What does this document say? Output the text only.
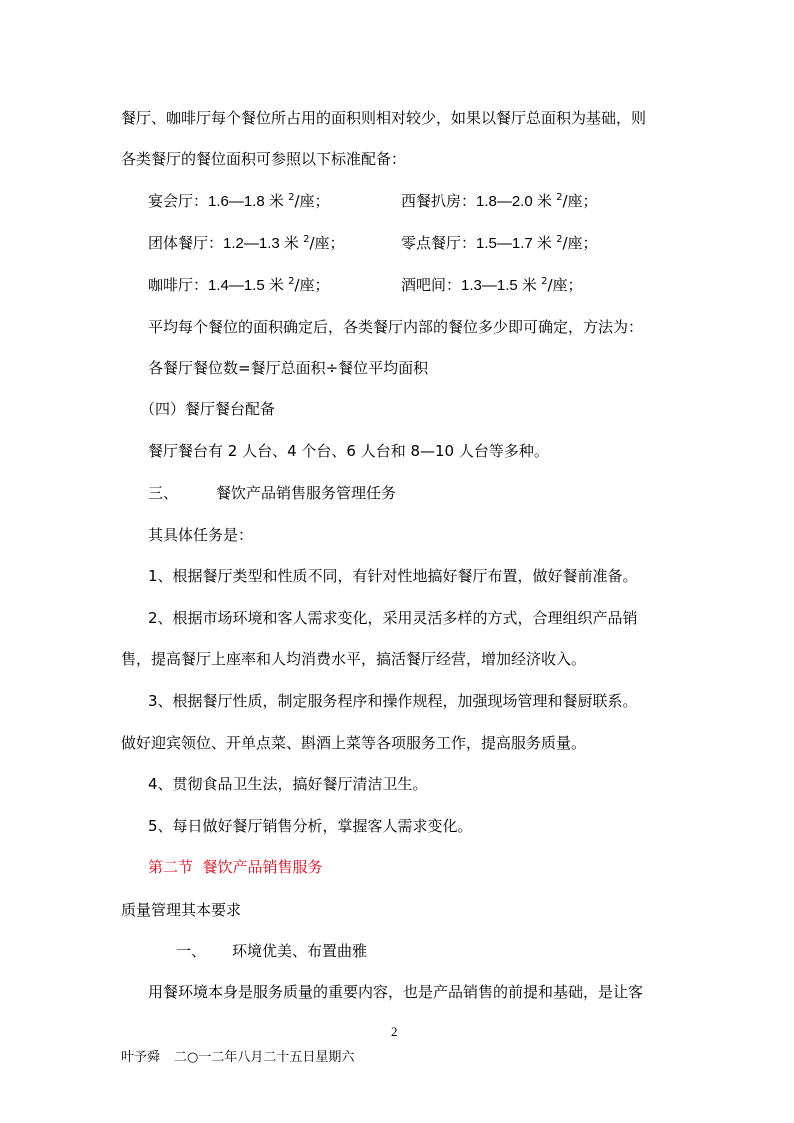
餐厅、咖啡厅每个餐位所占用的面积则相对较少，如果以餐厅总面积为基础，则
各类餐厅的餐位面积可参照以下标准配备：
宴会厅：1.6—1.8 米 $^2$/座；	西餐扒房：1.8—2.0 米 $^2$/座；
团体餐厅：1.2—1.3 米 $^2$/座；	零点餐厅：1.5—1.7 米 $^2$/座；
咖啡厅：1.4—1.5 米 $^2$/座；	酒吧间：1.3—1.5 米 $^2$/座；
平均每个餐位的面积确定后，各类餐厅内部的餐位多少即可确定，方法为：
各餐厅餐位数=餐厅总面积÷餐位平均面积
（四）餐厅餐台配备
餐厅餐台有 2 人台、4 个台、6 人台和 8—10 人台等多种。
三、	餐饮产品销售服务管理任务
其具体任务是：
1、根据餐厅类型和性质不同，有针对性地搞好餐厅布置，做好餐前准备。
2、根据市场环境和客人需求变化，采用灵活多样的方式，合理组织产品销
售，提高餐厅上座率和人均消费水平，搞活餐厅经营，增加经济收入。
3、根据餐厅性质，制定服务程序和操作规程，加强现场管理和餐厨联系。
做好迎宾领位、开单点菜、斟酒上菜等各项服务工作，提高服务质量。
4、贯彻食品卫生法，搞好餐厅清洁卫生。
5、每日做好餐厅销售分析，掌握客人需求变化。
第二节  餐饮产品销售服务
质量管理其本要求
一、 环境优美、布置曲雅
用餐环境本身是服务质量的重要内容，也是产品销售的前提和基础，是让客
2
叶予舜 二○一二年八月二十五日星期六
